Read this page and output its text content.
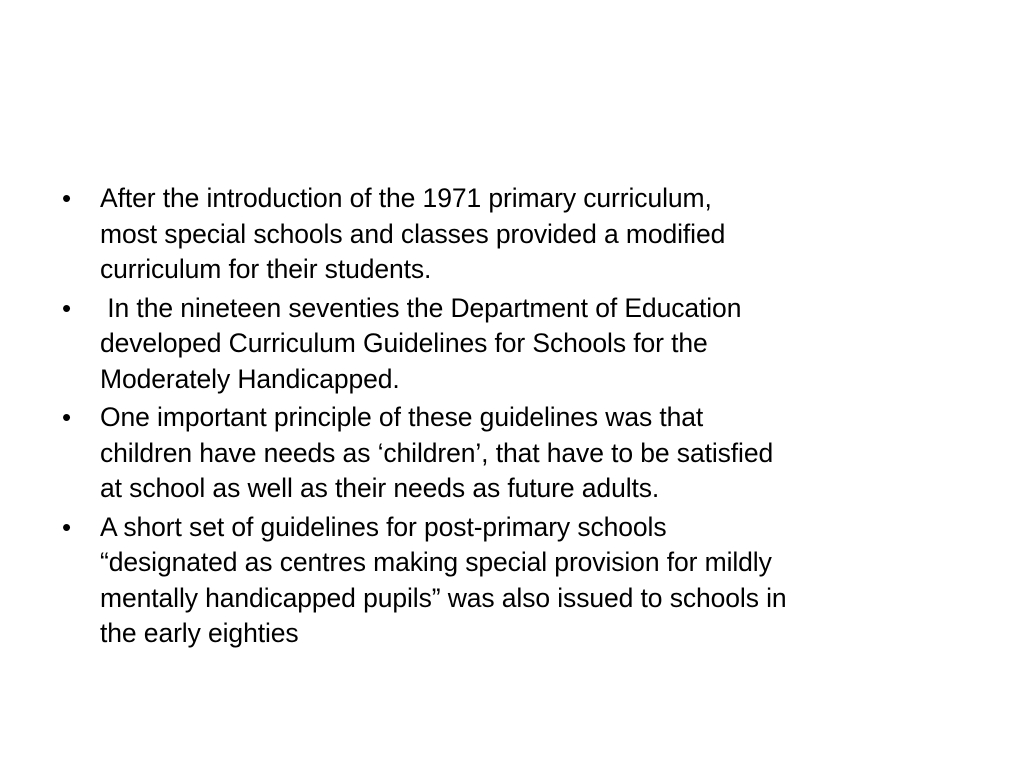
•	After the introduction of the 1971 primary curriculum,
most special schools and classes provided a modified
curriculum for their students.
•	In the nineteen seventies the Department of Education
developed Curriculum Guidelines for Schools for the
Moderately Handicapped.
•	One important principle of these guidelines was that
children have needs as ‘children’, that have to be satisfied
at school as well as their needs as future adults.
•	A short set of guidelines for post-primary schools
“designated as centres making special provision for mildly
mentally handicapped pupils” was also issued to schools in
the early eighties
